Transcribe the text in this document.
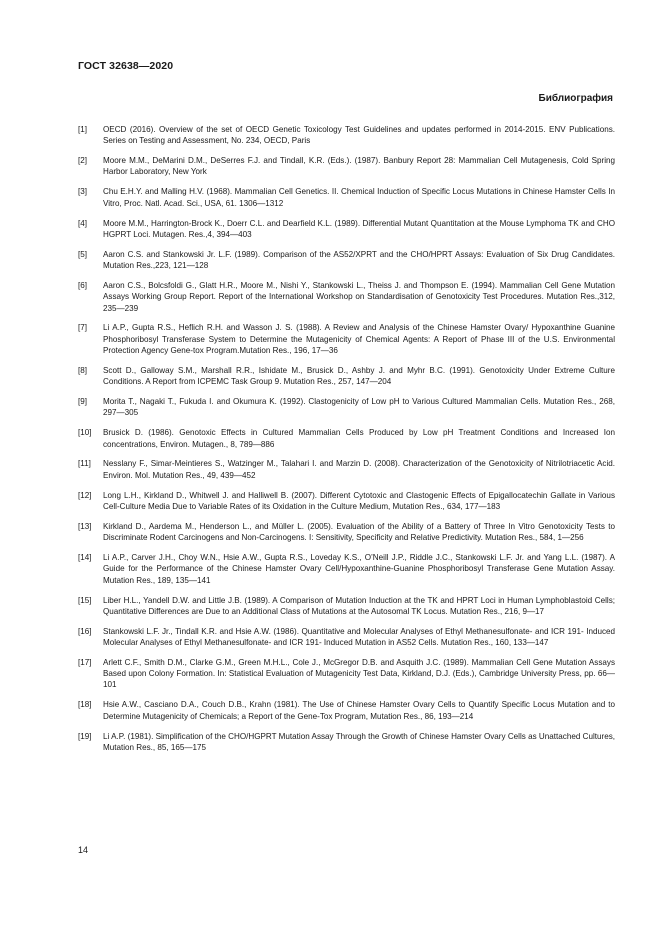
ГОСТ 32638—2020
Библиография
[1]	OECD (2016). Overview of the set of OECD Genetic Toxicology Test Guidelines and updates performed in 2014-2015. ENV Publications. Series on Testing and Assessment, No. 234, OECD, Paris
[2]	Moore M.M., DeMarini D.M., DeSerres F.J. and Tindall, K.R. (Eds.). (1987). Banbury Report 28: Mammalian Cell Mutagenesis, Cold Spring Harbor Laboratory, New York
[3]	Chu E.H.Y. and Malling H.V. (1968). Mammalian Cell Genetics. II. Chemical Induction of Specific Locus Mutations in Chinese Hamster Cells In Vitro, Proc. Natl. Acad. Sci., USA, 61. 1306—1312
[4]	Moore M.M., Harrington-Brock K., Doerr C.L. and Dearfield K.L. (1989). Differential Mutant Quantitation at the Mouse Lymphoma TK and CHO HGPRT Loci. Mutagen. Res.,4, 394—403
[5]	Aaron C.S. and Stankowski Jr. L.F. (1989). Comparison of the AS52/XPRT and the CHO/HPRT Assays: Evaluation of Six Drug Candidates. Mutation Res.,223, 121—128
[6]	Aaron C.S., Bolcsfoldi G., Glatt H.R., Moore M., Nishi Y., Stankowski L., Theiss J. and Thompson E. (1994). Mammalian Cell Gene Mutation Assays Working Group Report. Report of the International Workshop on Standardisation of Genotoxicity Test Procedures. Mutation Res.,312, 235—239
[7]	Li A.P., Gupta R.S., Heflich R.H. and Wasson J. S. (1988). A Review and Analysis of the Chinese Hamster Ovary/ Hypoxanthine Guanine Phosphoribosyl Transferase System to Determine the Mutagenicity of Chemical Agents: A Report of Phase III of the U.S. Environmental Protection Agency Gene-tox Program.Mutation Res., 196, 17—36
[8]	Scott D., Galloway S.M., Marshall R.R., Ishidate M., Brusick D., Ashby J. and Myhr B.C. (1991). Genotoxicity Under Extreme Culture Conditions. A Report from ICPEMC Task Group 9. Mutation Res., 257, 147—204
[9]	Morita T., Nagaki T., Fukuda I. and Okumura K. (1992). Clastogenicity of Low pH to Various Cultured Mammalian Cells. Mutation Res., 268, 297—305
[10]	Brusick D. (1986). Genotoxic Effects in Cultured Mammalian Cells Produced by Low pH Treatment Conditions and Increased Ion concentrations, Environ. Mutagen., 8, 789—886
[11]	Nesslany F., Simar-Meintieres S., Watzinger M., Talahari I. and Marzin D. (2008). Characterization of the Genotoxicity of Nitrilotriacetic Acid. Environ. Mol. Mutation Res., 49, 439—452
[12]	Long L.H., Kirkland D., Whitwell J. and Halliwell B. (2007). Different Cytotoxic and Clastogenic Effects of Epigallocatechin Gallate in Various Cell-Culture Media Due to Variable Rates of its Oxidation in the Culture Medium, Mutation Res., 634, 177—183
[13]	Kirkland D., Aardema M., Henderson L., and Müller L. (2005). Evaluation of the Ability of a Battery of Three In Vitro Genotoxicity Tests to Discriminate Rodent Carcinogens and Non-Carcinogens. I: Sensitivity, Specificity and Relative Predictivity. Mutation Res., 584, 1—256
[14]	Li A.P., Carver J.H., Choy W.N., Hsie A.W., Gupta R.S., Loveday K.S., O’Neill J.P., Riddle J.C., Stankowski L.F. Jr. and Yang L.L. (1987). A Guide for the Performance of the Chinese Hamster Ovary Cell/Hypoxanthine-Guanine Phosphoribosyl Transferase Gene Mutation Assay. Mutation Res., 189, 135—141
[15]	Liber H.L., Yandell D.W. and Little J.B. (1989). A Comparison of Mutation Induction at the TK and HPRT Loci in Human Lymphoblastoid Cells; Quantitative Differences are Due to an Additional Class of Mutations at the Autosomal TK Locus. Mutation Res., 216, 9—17
[16]	Stankowski L.F. Jr., Tindall K.R. and Hsie A.W. (1986). Quantitative and Molecular Analyses of Ethyl Methanesulfonate- and ICR 191- Induced Molecular Analyses of Ethyl Methanesulfonate- and ICR 191- Induced Mutation in AS52 Cells. Mutation Res., 160, 133—147
[17]	Arlett C.F., Smith D.M., Clarke G.M., Green M.H.L., Cole J., McGregor D.B. and Asquith J.C. (1989). Mammalian Cell Gene Mutation Assays Based upon Colony Formation. In: Statistical Evaluation of Mutagenicity Test Data, Kirkland, D.J. (Eds.), Cambridge University Press, pp. 66—101
[18]	Hsie A.W., Casciano D.A., Couch D.B., Krahn (1981). The Use of Chinese Hamster Ovary Cells to Quantify Specific Locus Mutation and to Determine Mutagenicity of Chemicals; a Report of the Gene-Tox Program, Mutation Res., 86, 193—214
[19]	Li A.P. (1981). Simplification of the CHO/HGPRT Mutation Assay Through the Growth of Chinese Hamster Ovary Cells as Unattached Cultures, Mutation Res., 85, 165—175
14
